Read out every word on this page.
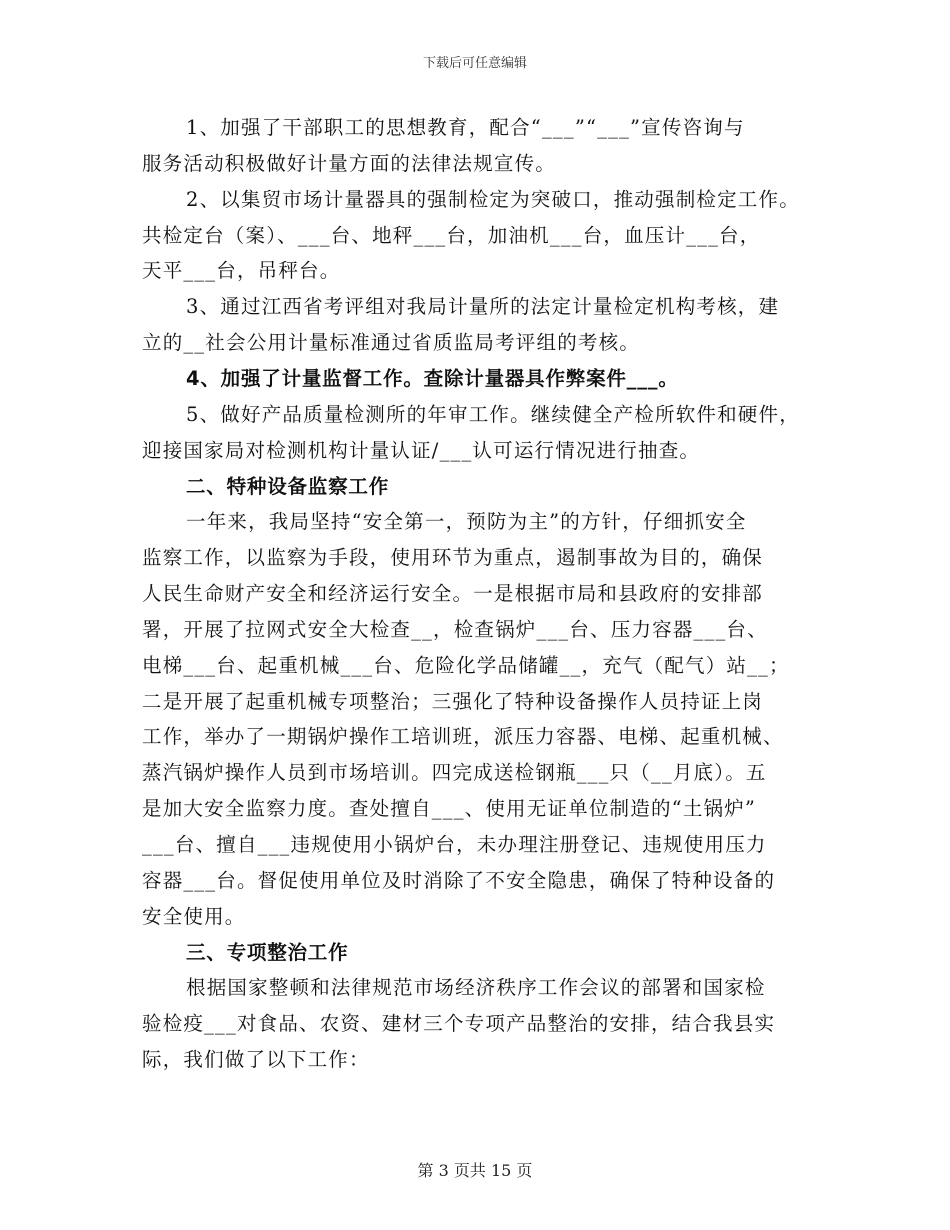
下载后可任意编辑
1、加强了干部职工的思想教育，配合“___”“___”宣传咨询与
服务活动积极做好计量方面的法律法规宣传。
2、以集贸市场计量器具的强制检定为突破口，推动强制检定工作。
共检定台（案）、___台、地秤___台，加油机___台，血压计___台，
天平___台，吊秤台。
3、通过江西省考评组对我局计量所的法定计量检定机构考核，建
立的__社会公用计量标准通过省质监局考评组的考核。
4、加强了计量监督工作。查除计量器具作弊案件___。
5、做好产品质量检测所的年审工作。继续健全产检所软件和硬件，
迎接国家局对检测机构计量认证/___认可运行情况进行抽查。
二、特种设备监察工作
一年来，我局坚持“安全第一，预防为主”的方针，仔细抓安全
监察工作，以监察为手段，使用环节为重点，遏制事故为目的，确保
人民生命财产安全和经济运行安全。一是根据市局和县政府的安排部
署，开展了拉网式安全大检查__，检查锅炉___台、压力容器___台、
电梯___台、起重机械___台、危险化学品储罐__，充气（配气）站__；
二是开展了起重机械专项整治；三强化了特种设备操作人员持证上岗
工作，举办了一期锅炉操作工培训班，派压力容器、电梯、起重机械、
蒸汽锅炉操作人员到市场培训。四完成送检钢瓶___只（__月底）。五
是加大安全监察力度。查处擅自___、使用无证单位制造的“土锅炉”
___台、擅自___违规使用小锅炉台，未办理注册登记、违规使用压力
容器___台。督促使用单位及时消除了不安全隐患，确保了特种设备的
安全使用。
三、专项整治工作
根据国家整顿和法律规范市场经济秩序工作会议的部署和国家检
验检疫___对食品、农资、建材三个专项产品整治的安排，结合我县实
际，我们做了以下工作：
第 3 页共 15 页
